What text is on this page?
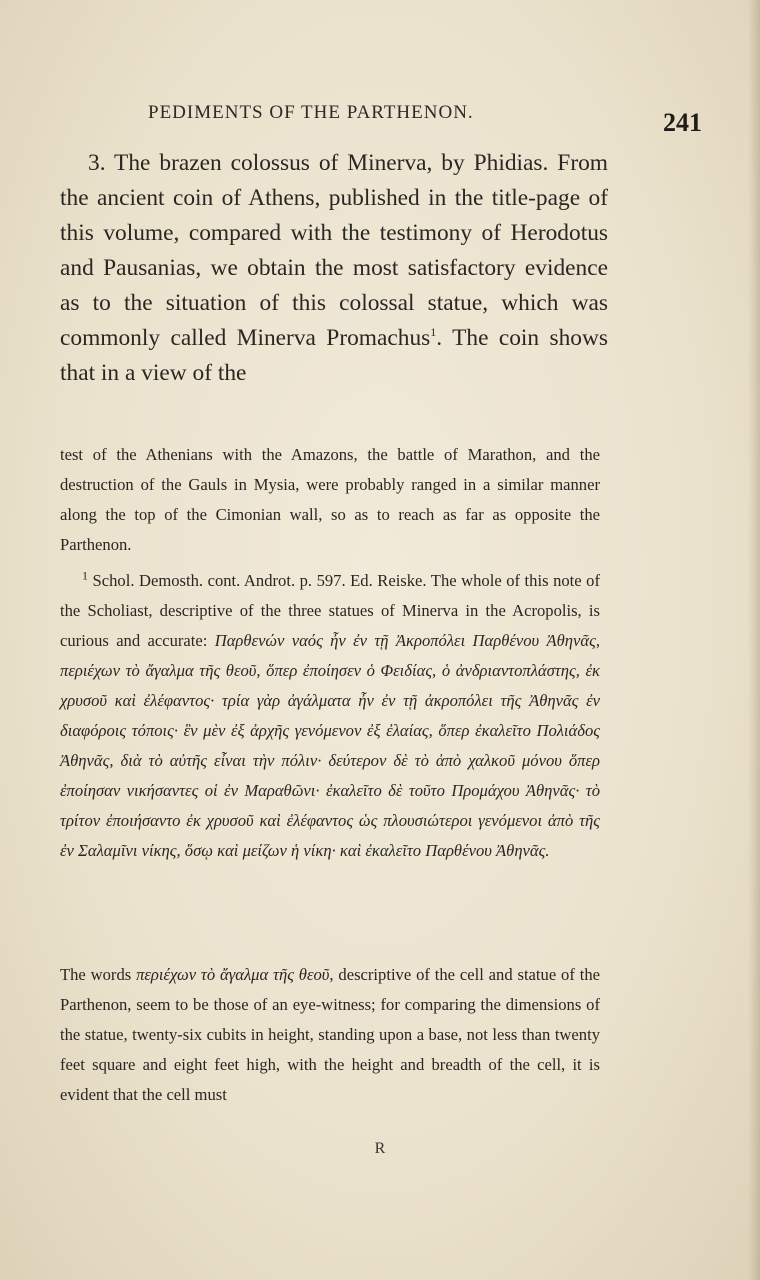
PEDIMENTS OF THE PARTHENON.	241

3. The brazen colossus of Minerva, by Phidias. From the ancient coin of Athens, published in the title-page of this volume, compared with the testimony of Herodotus and Pausanias, we obtain the most satisfactory evidence as to the situation of this colossal statue, which was commonly called Minerva Promachus$^1$. The coin shows that in a view of the

test of the Athenians with the Amazons, the battle of Marathon, and the destruction of the Gauls in Mysia, were probably ranged in a similar manner along the top of the Cimonian wall, so as to reach as far as opposite the Parthenon.

$^1$ Schol. Demosth. cont. Androt. p. 597. Ed. Reiske. The whole of this note of the Scholiast, descriptive of the three statues of Minerva in the Acropolis, is curious and accurate: Παρθενών ναός ἦν ἐν τῇ Ἀκροπόλει Παρθένου Ἀθηνᾶς, περιέχων τὸ ἄγαλμα τῆς θεοῦ, ὅπερ ἐποίησεν ὁ Φειδίας, ὁ ἀνδριαντοπλάστης, ἐκ χρυσοῦ καὶ ἐλέφαντος· τρία γὰρ ἀγάλματα ἦν ἐν τῇ ἀκροπόλει τῆς Ἀθηνᾶς ἐν διαφόροις τόποις· ἓν μὲν ἐξ ἀρχῆς γενόμενον ἐξ ἐλαίας, ὅπερ ἐκαλεῖτο Πολιάδος Ἀθηνᾶς, διὰ τὸ αὐτῆς εἶναι τὴν πόλιν· δεύτερον δὲ τὸ ἀπὸ χαλκοῦ μόνου ὅπερ ἐποίησαν νικήσαντες οἱ ἐν Μαραθῶνι· ἐκαλεῖτο δὲ τοῦτο Προμάχου Ἀθηνᾶς· τὸ τρίτον ἐποιήσαντο ἐκ χρυσοῦ καὶ ἐλέφαντος ὡς πλουσιώτεροι γενόμενοι ἀπὸ τῆς ἐν Σαλαμῖνι νίκης, ὅσῳ καὶ μείζων ἡ νίκη· καὶ ἐκαλεῖτο Παρθένου Ἀθηνᾶς.

The words περιέχων τὸ ἄγαλμα τῆς θεοῦ, descriptive of the cell and statue of the Parthenon, seem to be those of an eye-witness; for comparing the dimensions of the statue, twenty-six cubits in height, standing upon a base, not less than twenty feet square and eight feet high, with the height and breadth of the cell, it is evident that the cell must

R
